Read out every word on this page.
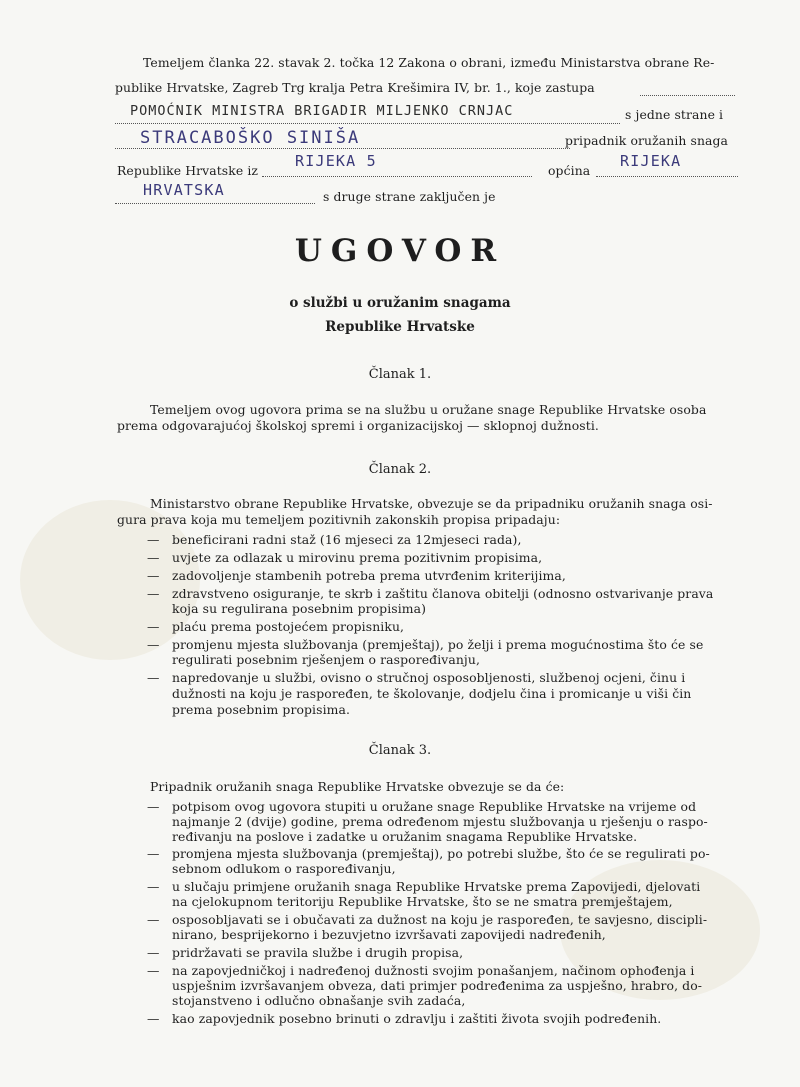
Temeljem članka 22. stavak 2. točka 12 Zakona o obrani, između Ministarstva obrane Re-
publike Hrvatske, Zagreb Trg kralja Petra Krešimira IV, br. 1., koje zastupa
POMOĆNIK MINISTRA BRIGADIR MILJENKO CRNJAC	s jedne strane i
STRACABOŠKO SINIŠA	pripadnik oružanih snaga
Republike Hrvatske iz
RIJEKA 5
općina
RIJEKA
HRVATSKA	s druge strane zaključen je
UGOVOR
o službi u oružanim snagama
Republike Hrvatske
Članak 1.
Temeljem ovog ugovora prima se na službu u oružane snage Republike Hrvatske osoba
prema odgovarajućoj školskoj spremi i organizacijskoj — sklopnoj dužnosti.
Članak 2.
Ministarstvo obrane Republike Hrvatske, obvezuje se da pripadniku oružanih snaga osi-
gura prava koja mu temeljem pozitivnih zakonskih propisa pripadaju:
— beneficirani radni staž (16 mjeseci za 12mjeseci rada),
— uvjete za odlazak u mirovinu prema pozitivnim propisima,
— zadovoljenje stambenih potreba prema utvrđenim kriterijima,
— zdravstveno osiguranje, te skrb i zaštitu članova obitelji (odnosno ostvarivanje prava
koja su regulirana posebnim propisima)
— plaću prema postojećem propisniku,
— promjenu mjesta službovanja (premještaj), po želji i prema mogućnostima što će se
regulirati posebnim rješenjem o raspoređivanju,
— napredovanje u službi, ovisno o stručnoj osposobljenosti, službenoj ocjeni, činu i
dužnosti na koju je raspoređen, te školovanje, dodjelu čina i promicanje u viši čin
prema posebnim propisima.
Članak 3.
Pripadnik oružanih snaga Republike Hrvatske obvezuje se da će:
— potpisom ovog ugovora stupiti u oružane snage Republike Hrvatske na vrijeme od
najmanje 2 (dvije) godine, prema određenom mjestu službovanja u rješenju o raspo-
ređivanju na poslove i zadatke u oružanim snagama Republike Hrvatske.
— promjena mjesta službovanja (premještaj), po potrebi službe, što će se regulirati po-
sebnom odlukom o raspoređivanju,
— u slučaju primjene oružanih snaga Republike Hrvatske prema Zapovijedi, djelovati
na cjelokupnom teritoriju Republike Hrvatske, što se ne smatra premještajem,
— osposobljavati se i obučavati za dužnost na koju je raspoređen, te savjesno, discipli-
nirano, besprijekorno i bezuvjetno izvršavati zapovijedi nadređenih,
— pridržavati se pravila službe i drugih propisa,
— na zapovjedničkoj i nadređenoj dužnosti svojim ponašanjem, načinom ophođenja i
uspješnim izvršavanjem obveza, dati primjer podređenima za uspješno, hrabro, do-
stojanstveno i odlučno obnašanje svih zadaća,
— kao zapovjednik posebno brinuti o zdravlju i zaštiti života svojih podređenih.
